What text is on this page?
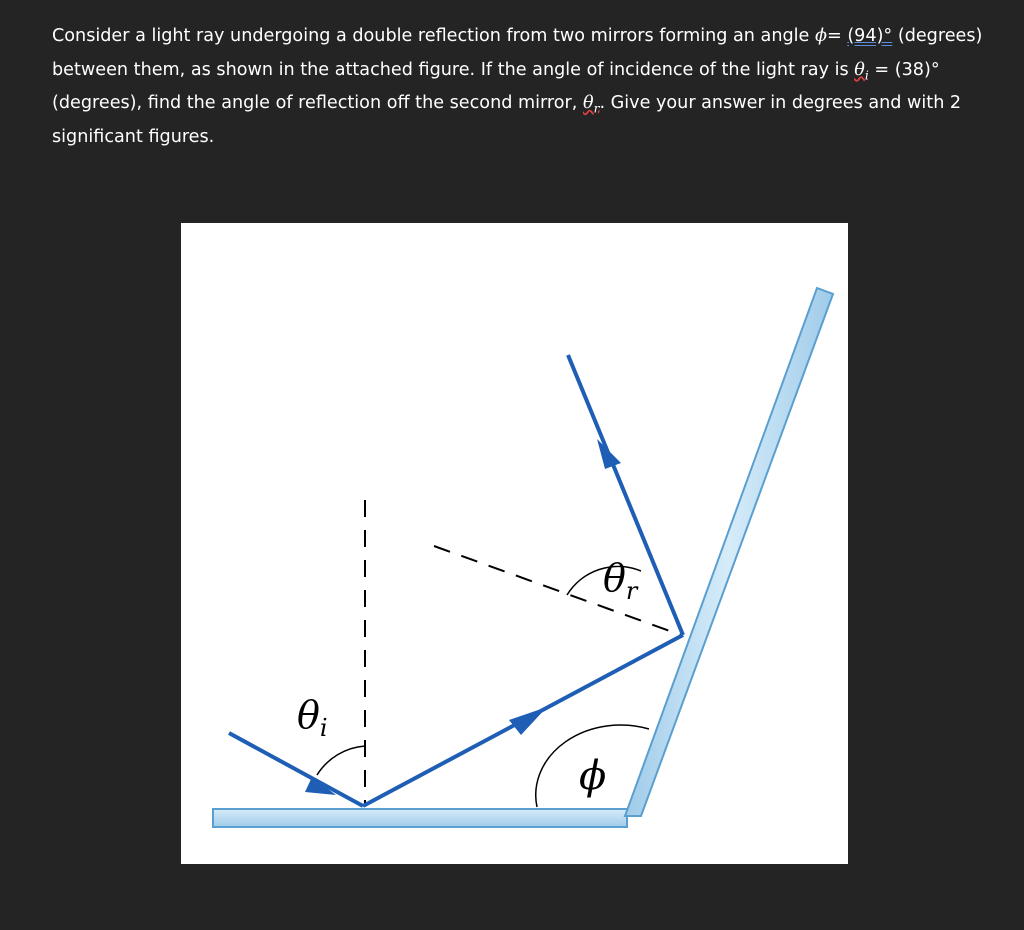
Consider a light ray undergoing a double reflection from two mirrors forming an angle ϕ= (94)° (degrees) between them, as shown in the attached figure. If the angle of incidence of the light ray is $\theta_i = (38)^\circ$ (degrees), find the angle of reflection off the second mirror, $\theta_r$. Give your answer in degrees and with 2 significant figures.

$\theta_i$
$\theta_r$
ϕ
